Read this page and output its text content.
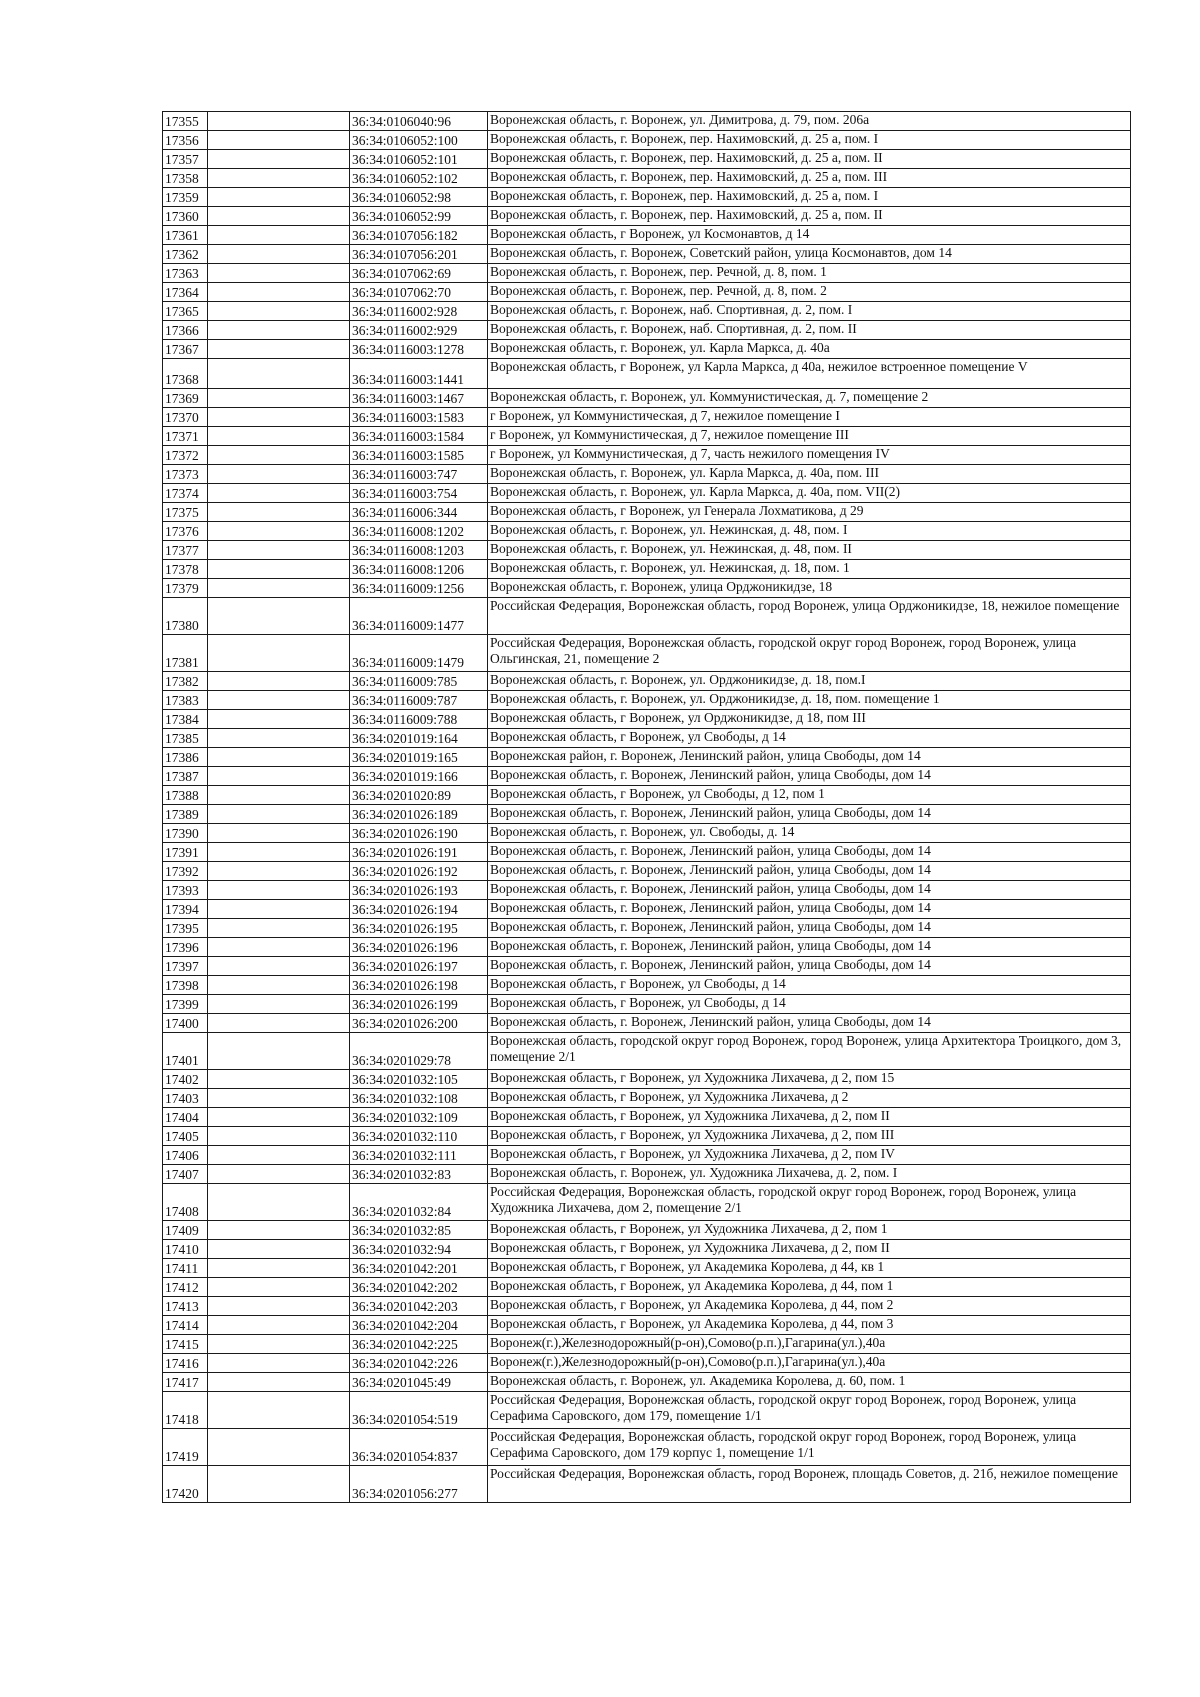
17355		36:34:0106040:96	Воронежская область, г. Воронеж, ул. Димитрова, д. 79, пом. 206а
17356		36:34:0106052:100	Воронежская область, г. Воронеж, пер. Нахимовский, д. 25 а, пом. I
17357		36:34:0106052:101	Воронежская область, г. Воронеж, пер. Нахимовский, д. 25 а, пом. II
17358		36:34:0106052:102	Воронежская область, г. Воронеж, пер. Нахимовский, д. 25 а, пом. III
17359		36:34:0106052:98	Воронежская область, г. Воронеж, пер. Нахимовский, д. 25 а, пом. I
17360		36:34:0106052:99	Воронежская область, г. Воронеж, пер. Нахимовский, д. 25 а, пом. II
17361		36:34:0107056:182	Воронежская область, г Воронеж, ул Космонавтов, д 14
17362		36:34:0107056:201	Воронежская область, г. Воронеж, Советский район, улица Космонавтов, дом 14
17363		36:34:0107062:69	Воронежская область, г. Воронеж, пер. Речной, д. 8, пом. 1
17364		36:34:0107062:70	Воронежская область, г. Воронеж, пер. Речной, д. 8, пом. 2
17365		36:34:0116002:928	Воронежская область, г. Воронеж, наб. Спортивная, д. 2, пом. I
17366		36:34:0116002:929	Воронежская область, г. Воронеж, наб. Спортивная, д. 2, пом. II
17367		36:34:0116003:1278	Воронежская область, г. Воронеж, ул. Карла Маркса, д. 40а
17368		36:34:0116003:1441	Воронежская область, г Воронеж, ул Карла Маркса, д 40а, нежилое встроенное помещение V
17369		36:34:0116003:1467	Воронежская область, г. Воронеж, ул. Коммунистическая, д. 7, помещение 2
17370		36:34:0116003:1583	г Воронеж, ул Коммунистическая, д 7, нежилое помещение I
17371		36:34:0116003:1584	г Воронеж, ул Коммунистическая, д 7, нежилое помещение III
17372		36:34:0116003:1585	г Воронеж, ул Коммунистическая, д 7, часть нежилого помещения IV
17373		36:34:0116003:747	Воронежская область, г. Воронеж, ул. Карла Маркса, д. 40а, пом. III
17374		36:34:0116003:754	Воронежская область, г. Воронеж, ул. Карла Маркса, д. 40а, пом. VII(2)
17375		36:34:0116006:344	Воронежская область, г Воронеж, ул Генерала Лохматикова, д 29
17376		36:34:0116008:1202	Воронежская область, г. Воронеж, ул. Нежинская, д. 48, пом. I
17377		36:34:0116008:1203	Воронежская область, г. Воронеж, ул. Нежинская, д. 48, пом. II
17378		36:34:0116008:1206	Воронежская область, г. Воронеж, ул. Нежинская, д. 18, пом. 1
17379		36:34:0116009:1256	Воронежская область, г. Воронеж, улица Орджоникидзе, 18
17380		36:34:0116009:1477	Российская Федерация, Воронежская область, город Воронеж, улица Орджоникидзе, 18, нежилое помещение
17381		36:34:0116009:1479	Российская Федерация, Воронежская область, городской округ город Воронеж, город Воронеж, улица Ольгинская, 21, помещение 2
17382		36:34:0116009:785	Воронежская область, г. Воронеж, ул. Орджоникидзе, д. 18, пом.I
17383		36:34:0116009:787	Воронежская область, г. Воронеж, ул. Орджоникидзе, д. 18, пом. помещение 1
17384		36:34:0116009:788	Воронежская область, г Воронеж, ул Орджоникидзе, д 18, пом III
17385		36:34:0201019:164	Воронежская область, г Воронеж, ул Свободы, д 14
17386		36:34:0201019:165	Воронежская район, г. Воронеж, Ленинский район, улица Свободы, дом 14
17387		36:34:0201019:166	Воронежская область, г. Воронеж, Ленинский район, улица Свободы, дом 14
17388		36:34:0201020:89	Воронежская область, г Воронеж, ул Свободы, д 12, пом 1
17389		36:34:0201026:189	Воронежская область, г. Воронеж, Ленинский район, улица Свободы, дом 14
17390		36:34:0201026:190	Воронежская область, г. Воронеж, ул. Свободы, д. 14
17391		36:34:0201026:191	Воронежская область, г. Воронеж, Ленинский район, улица Свободы, дом 14
17392		36:34:0201026:192	Воронежская область, г. Воронеж, Ленинский район, улица Свободы, дом 14
17393		36:34:0201026:193	Воронежская область, г. Воронеж, Ленинский район, улица Свободы, дом 14
17394		36:34:0201026:194	Воронежская область, г. Воронеж, Ленинский район, улица Свободы, дом 14
17395		36:34:0201026:195	Воронежская область, г. Воронеж, Ленинский район, улица Свободы, дом 14
17396		36:34:0201026:196	Воронежская область, г. Воронеж, Ленинский район, улица Свободы, дом 14
17397		36:34:0201026:197	Воронежская область, г. Воронеж, Ленинский район, улица Свободы, дом 14
17398		36:34:0201026:198	Воронежская область, г Воронеж, ул Свободы, д 14
17399		36:34:0201026:199	Воронежская область, г Воронеж, ул Свободы, д 14
17400		36:34:0201026:200	Воронежская область, г. Воронеж, Ленинский район, улица Свободы, дом 14
17401		36:34:0201029:78	Воронежская область, городской округ город Воронеж, город Воронеж, улица Архитектора Троицкого, дом 3, помещение 2/1
17402		36:34:0201032:105	Воронежская область, г Воронеж, ул Художника Лихачева, д 2, пом 15
17403		36:34:0201032:108	Воронежская область, г Воронеж, ул Художника Лихачева, д 2
17404		36:34:0201032:109	Воронежская область, г Воронеж, ул Художника Лихачева, д 2, пом II
17405		36:34:0201032:110	Воронежская область, г Воронеж, ул Художника Лихачева, д 2, пом III
17406		36:34:0201032:111	Воронежская область, г Воронеж, ул Художника Лихачева, д 2, пом IV
17407		36:34:0201032:83	Воронежская область, г. Воронеж, ул. Художника Лихачева, д. 2, пом. I
17408		36:34:0201032:84	Российская Федерация, Воронежская область, городской округ город Воронеж, город Воронеж, улица Художника Лихачева, дом 2, помещение 2/1
17409		36:34:0201032:85	Воронежская область, г Воронеж, ул Художника Лихачева, д 2, пом 1
17410		36:34:0201032:94	Воронежская область, г Воронеж, ул Художника Лихачева, д 2, пом II
17411		36:34:0201042:201	Воронежская область, г Воронеж, ул Академика Королева, д 44, кв 1
17412		36:34:0201042:202	Воронежская область, г Воронеж, ул Академика Королева, д 44, пом 1
17413		36:34:0201042:203	Воронежская область, г Воронеж, ул Академика Королева, д 44, пом 2
17414		36:34:0201042:204	Воронежская область, г Воронеж, ул Академика Королева, д 44, пом 3
17415		36:34:0201042:225	Воронеж(г.),Железнодорожный(р-он),Сомово(р.п.),Гагарина(ул.),40а
17416		36:34:0201042:226	Воронеж(г.),Железнодорожный(р-он),Сомово(р.п.),Гагарина(ул.),40а
17417		36:34:0201045:49	Воронежская область, г. Воронеж, ул. Академика Королева, д. 60, пом. 1
17418		36:34:0201054:519	Российская Федерация, Воронежская область, городской округ город Воронеж, город Воронеж, улица Серафима Саровского, дом 179, помещение 1/1
17419		36:34:0201054:837	Российская Федерация, Воронежская область, городской округ город Воронеж, город Воронеж, улица Серафима Саровского, дом 179 корпус 1, помещение 1/1
17420		36:34:0201056:277	Российская Федерация, Воронежская область, город Воронеж, площадь Советов, д. 21б, нежилое помещение
